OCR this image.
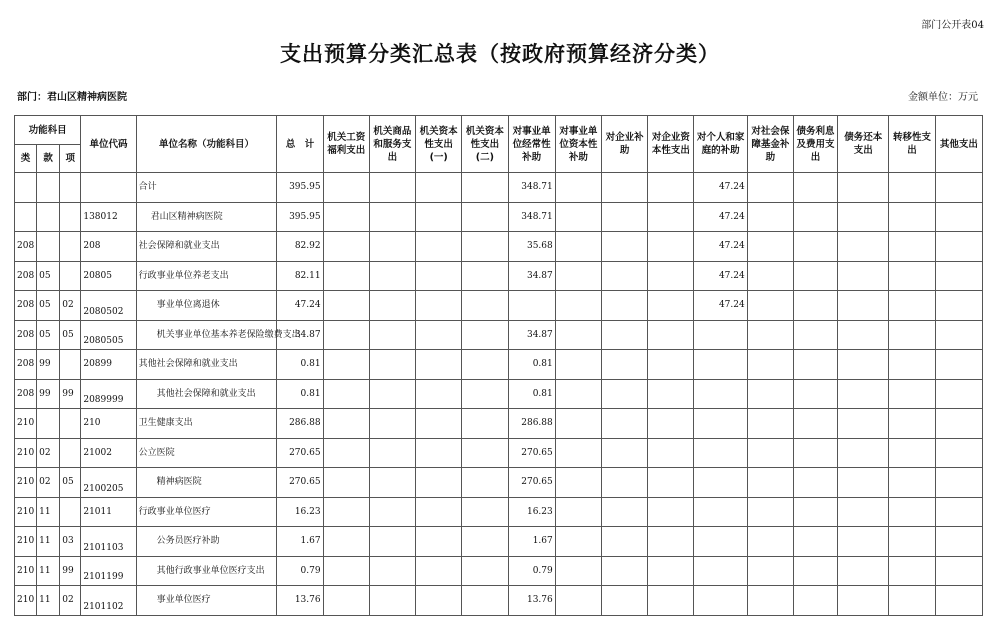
部门公开表04
支出预算分类汇总表（按政府预算经济分类）
部门：君山区精神病医院	金额单位：万元
功能科目			单位代码	单位名称（功能科目）	总　计	机关工资福利支出	机关商品和服务支出	机关资本性支出(一)	机关资本性支出(二)	对事业单位经常性补助	对事业单位资本性补助	对企业补助	对企业资本性支出	对个人和家庭的补助	对社会保障基金补助	债务利息及费用支出	债务还本支出	转移性支出	其他支出
类	款	项																	
				合计	395.95					348.71				47.24					
			138012	君山区精神病医院	395.95					348.71				47.24					
208			208	社会保障和就业支出	82.92					35.68				47.24					
208	05		20805	行政事业单位养老支出	82.11					34.87				47.24					
208	05	02	2080502	事业单位离退休	47.24									47.24					
208	05	05	2080505	机关事业单位基本养老保险缴费支出	34.87					34.87									
208	99		20899	其他社会保障和就业支出	0.81					0.81									
208	99	99	2089999	其他社会保障和就业支出	0.81					0.81									
210			210	卫生健康支出	286.88					286.88									
210	02		21002	公立医院	270.65					270.65									
210	02	05	2100205	精神病医院	270.65					270.65									
210	11		21011	行政事业单位医疗	16.23					16.23									
210	11	03	2101103	公务员医疗补助	1.67					1.67									
210	11	99	2101199	其他行政事业单位医疗支出	0.79					0.79									
210	11	02	2101102	事业单位医疗	13.76					13.76									
